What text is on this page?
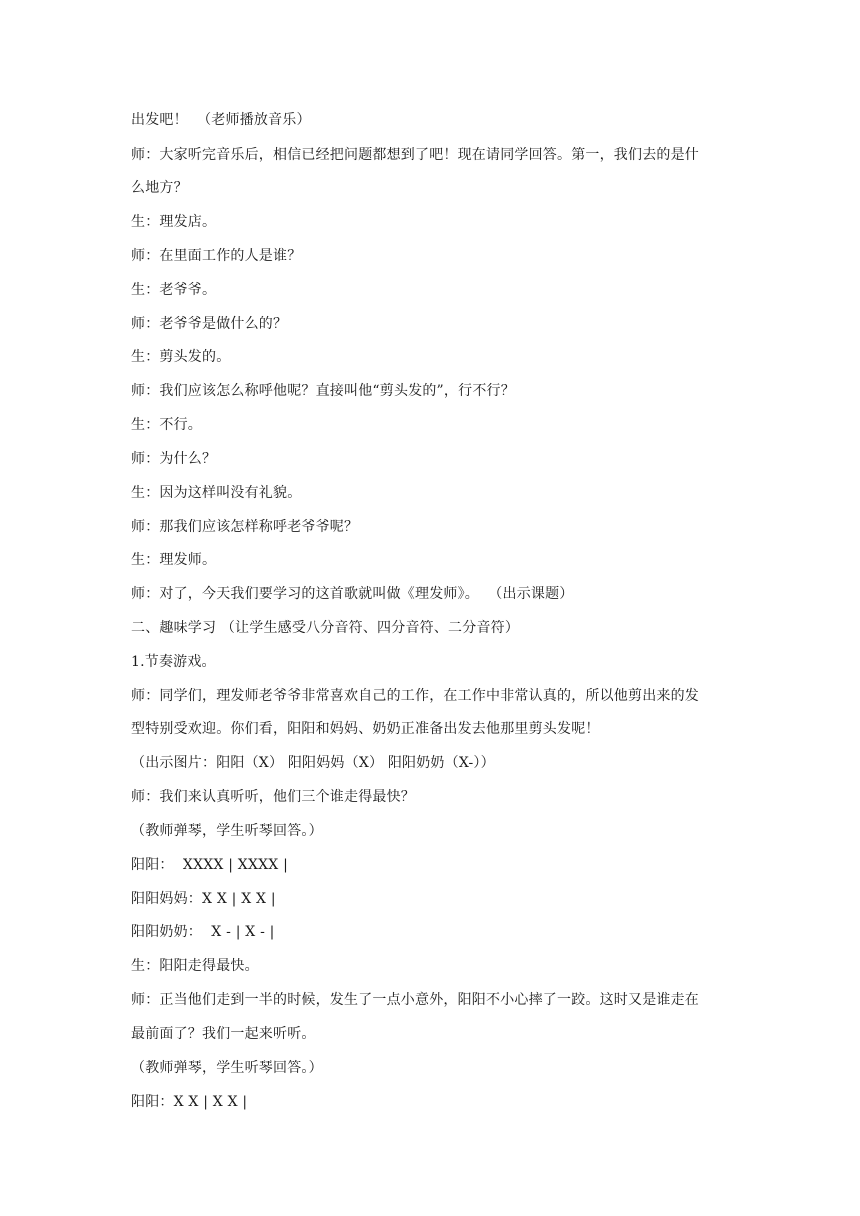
出发吧！  （老师播放音乐）
师：大家听完音乐后，相信已经把问题都想到了吧！现在请同学回答。第一，我们去的是什
么地方？
生：理发店。
师：在里面工作的人是谁？
生：老爷爷。
师：老爷爷是做什么的？
生：剪头发的。
师：我们应该怎么称呼他呢？直接叫他“剪头发的”，行不行？
生：不行。
师：为什么？
生：因为这样叫没有礼貌。
师：那我们应该怎样称呼老爷爷呢？
生：理发师。
师：对了，今天我们要学习的这首歌就叫做《理发师》。  （出示课题）
二、趣味学习 （让学生感受八分音符、四分音符、二分音符）
1.节奏游戏。
师：同学们，理发师老爷爷非常喜欢自己的工作，在工作中非常认真的，所以他剪出来的发
型特别受欢迎。你们看，阳阳和妈妈、奶奶正准备出发去他那里剪头发呢！
（出示图片：阳阳（X） 阳阳妈妈（X） 阳阳奶奶（X-））
师：我们来认真听听，他们三个谁走得最快？
（教师弹琴，学生听琴回答。）
阳阳：  XXXX | XXXX |
阳阳妈妈：X X | X X |
阳阳奶奶：  X - | X - |
生：阳阳走得最快。
师：正当他们走到一半的时候，发生了一点小意外，阳阳不小心摔了一跤。这时又是谁走在
最前面了？我们一起来听听。
（教师弹琴，学生听琴回答。）
阳阳：X X | X X |
